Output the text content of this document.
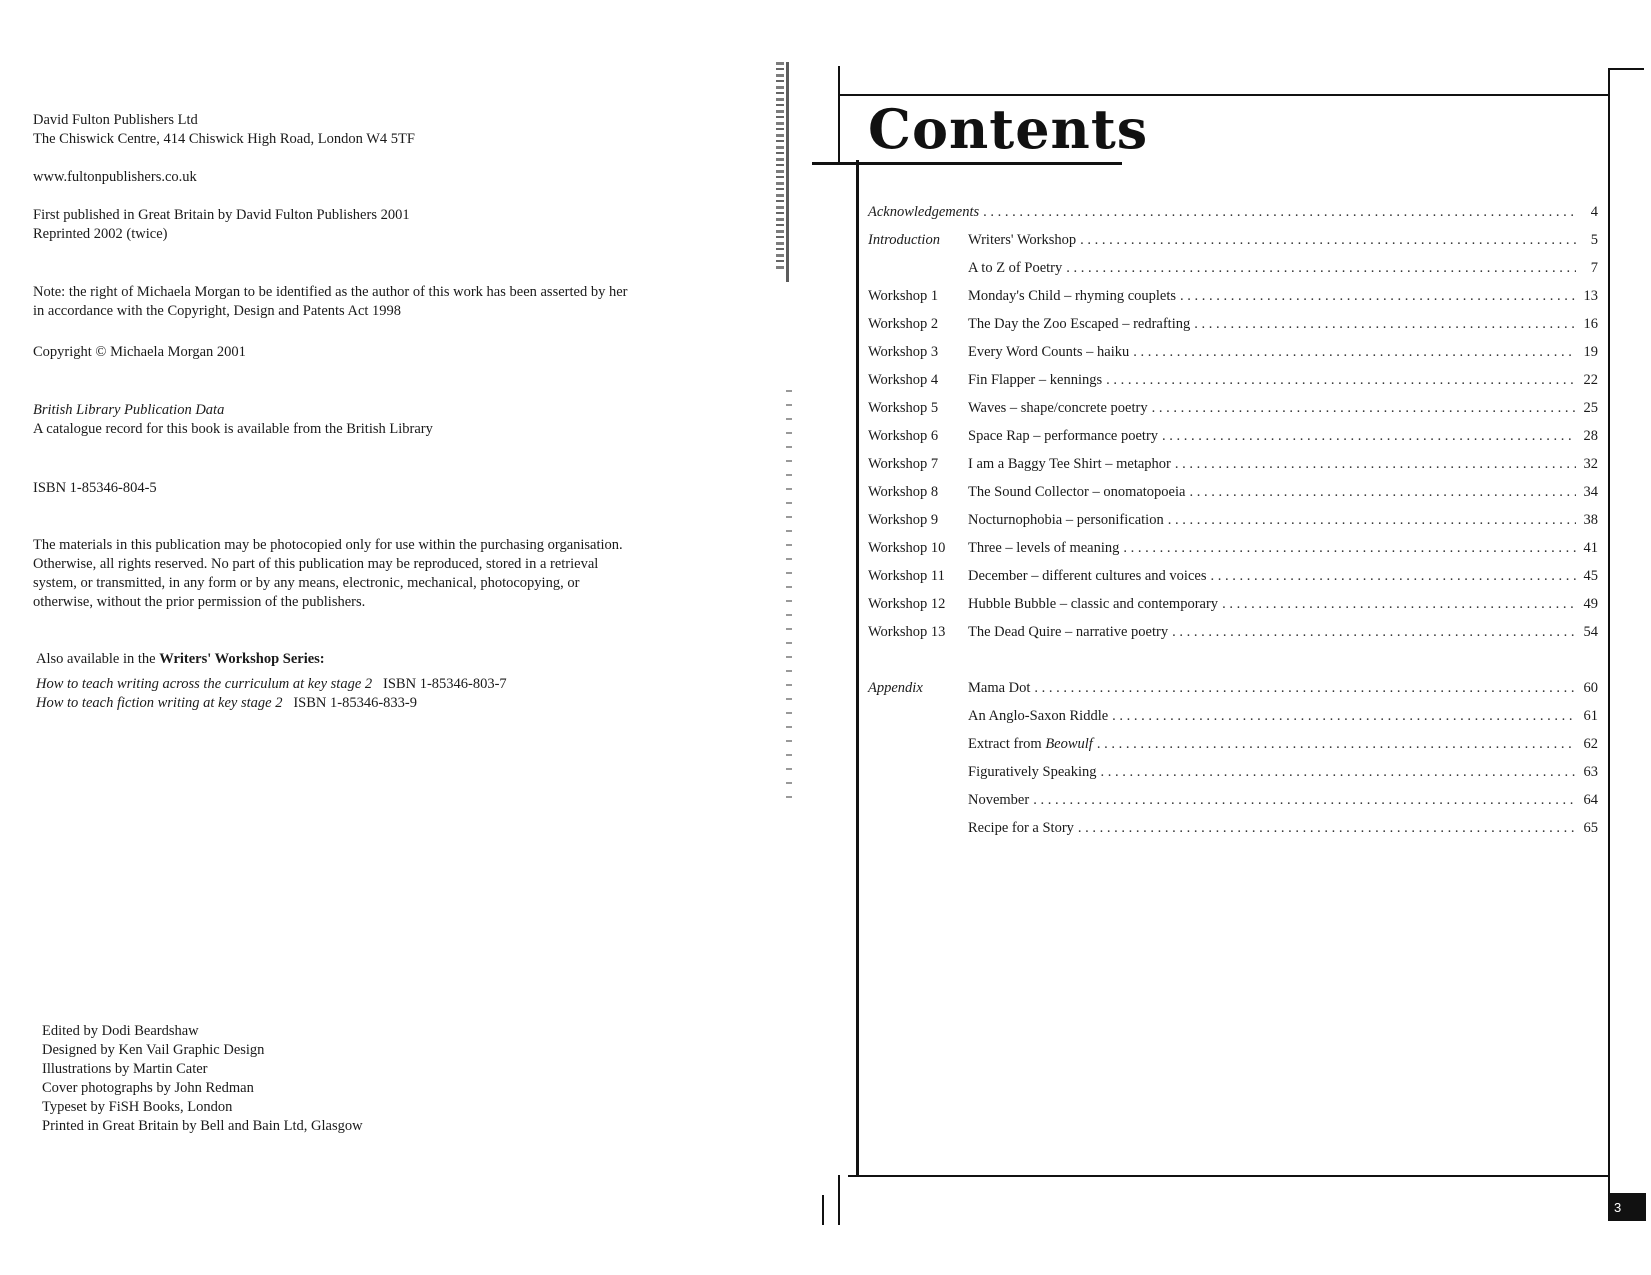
David Fulton Publishers Ltd
The Chiswick Centre, 414 Chiswick High Road, London W4 5TF
www.fultonpublishers.co.uk
First published in Great Britain by David Fulton Publishers 2001
Reprinted 2002 (twice)
Note: the right of Michaela Morgan to be identified as the author of this work has been asserted by her
in accordance with the Copyright, Design and Patents Act 1998
Copyright © Michaela Morgan 2001
British Library Publication Data
A catalogue record for this book is available from the British Library
ISBN 1-85346-804-5
The materials in this publication may be photocopied only for use within the purchasing organisation.
Otherwise, all rights reserved. No part of this publication may be reproduced, stored in a retrieval
system, or transmitted, in any form or by any means, electronic, mechanical, photocopying, or
otherwise, without the prior permission of the publishers.
Also available in the Writers' Workshop Series:
How to teach writing across the curriculum at key stage 2 ISBN 1-85346-803-7
How to teach fiction writing at key stage 2 ISBN 1-85346-833-9
Edited by Dodi Beardshaw
Designed by Ken Vail Graphic Design
Illustrations by Martin Cater
Cover photographs by John Redman
Typeset by FiSH Books, London
Printed in Great Britain by Bell and Bain Ltd, Glasgow
Contents
Acknowledgements . . .	4
Introduction	Writers' Workshop . . .	5
A to Z of Poetry . . .	7
Workshop 1	Monday's Child – rhyming couplets . . .	13
Workshop 2	The Day the Zoo Escaped – redrafting . . .	16
Workshop 3	Every Word Counts – haiku . . .	19
Workshop 4	Fin Flapper – kennings . . .	22
Workshop 5	Waves – shape/concrete poetry . . .	25
Workshop 6	Space Rap – performance poetry . . .	28
Workshop 7	I am a Baggy Tee Shirt – metaphor . . .	32
Workshop 8	The Sound Collector – onomatopoeia . . .	34
Workshop 9	Nocturnophobia – personification . . .	38
Workshop 10	Three – levels of meaning . . .	41
Workshop 11	December – different cultures and voices . . .	45
Workshop 12	Hubble Bubble – classic and contemporary . . .	49
Workshop 13	The Dead Quire – narrative poetry . . .	54
Appendix	Mama Dot . . .	60
An Anglo-Saxon Riddle . . .	61
Extract from Beowulf . . .	62
Figuratively Speaking . . .	63
November . . .	64
Recipe for a Story . . .	65
3
